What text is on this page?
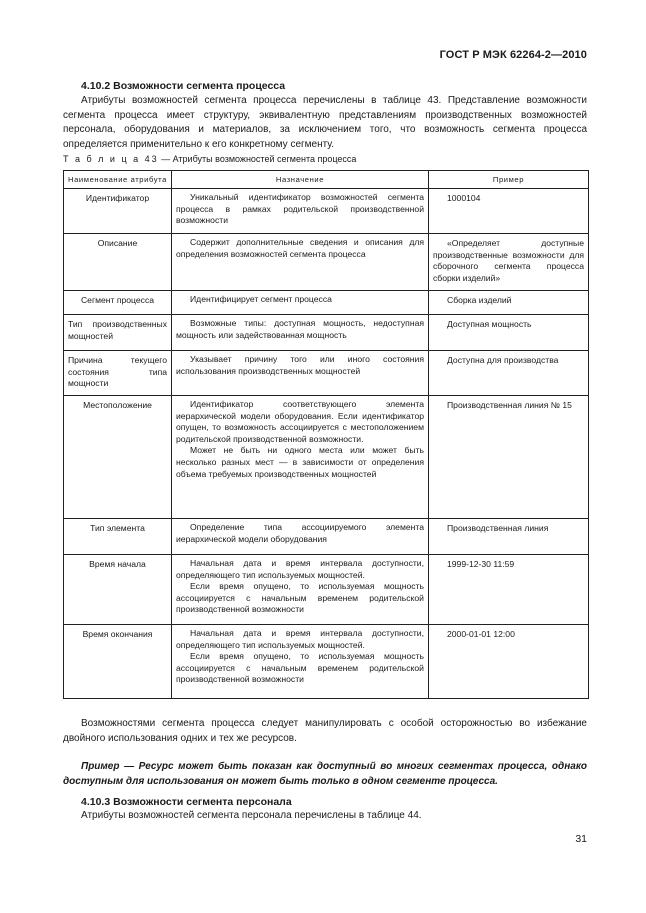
ГОСТ Р МЭК 62264-2—2010
4.10.2 Возможности сегмента процесса
Атрибуты возможностей сегмента процесса перечислены в таблице 43. Представление возможности сегмента процесса имеет структуру, эквивалентную представлениям производственных возможностей персонала, оборудования и материалов, за исключением того, что возможность сегмента процесса определяется применительно к его конкретному сегменту.
Т а б л и ц а 43 — Атрибуты возможностей сегмента процесса
Наименование атрибута	Назначение	Пример
Идентификатор	Уникальный идентификатор возможностей сегмента процесса в рамках родительской производственной возможности	1000104
Описание	Содержит дополнительные сведения и описания для определения возможностей сегмента процесса	«Определяет доступные производственные возможности для сборочного сегмента процесса сборки изделий»

Сегмент процесса	Идентифицирует сегмент процесса	Сборка изделий

Тип производственных мощностей	Возможные типы: доступная мощность, недоступная мощность или задействованная мощность	Доступная мощность

Причина текущего состояния типа мощности	Указывает причину того или иного состояния использования производственных мощностей	Доступна для производства
Местоположение	Идентификатор соответствующего элемента иерархической модели оборудования. Если идентификатор опущен, то возможность ассоциируется с местоположением родительской производственной возможности.
Может не быть ни одного места или может быть несколько разных мест — в зависимости от определения объема требуемых производственных мощностей	Производственная линия № 15

Тип элемента	Определение типа ассоциируемого элемента иерархической модели оборудования	Производственная линия
Время начала	Начальная дата и время интервала доступности, определяющего тип используемых мощностей.
Если время опущено, то используемая мощность ассоциируется с начальным временем родительской производственной возможности	1999-12-30 11:59
Время окончания	Начальная дата и время интервала доступности, определяющего тип используемых мощностей.
Если время опущено, то используемая мощность ассоциируется с начальным временем родительской производственной возможности	2000-01-01 12:00
Возможностями сегмента процесса следует манипулировать с особой осторожностью во избежание двойного использования одних и тех же ресурсов.
Пример — Ресурс может быть показан как доступный во многих сегментах процесса, однако доступным для использования он может быть только в одном сегменте процесса.
4.10.3 Возможности сегмента персонала
Атрибуты возможностей сегмента персонала перечислены в таблице 44.
31
